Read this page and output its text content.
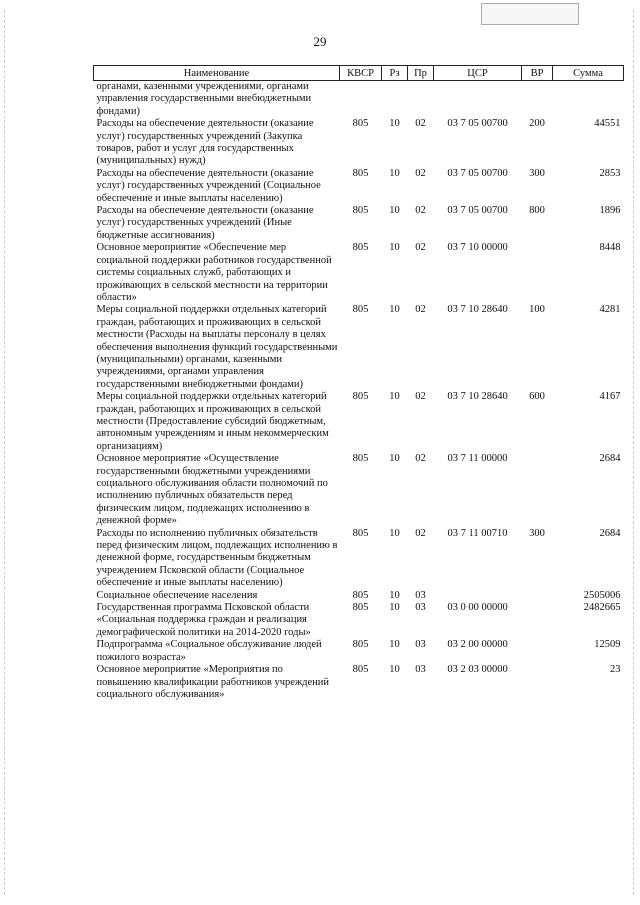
29
Наименование	КВСР	Рз	Пр	ЦСР	ВР	Сумма
органами, казенными учреждениями, органами управления государственными внебюджетными фондами)						
Расходы на обеспечение деятельности (оказание услуг) государственных учреждений (Закупка товаров, работ и услуг для государственных (муниципальных) нужд)	805	10	02	03 7 05 00700	200	44551
Расходы на обеспечение деятельности (оказание услуг) государственных учреждений (Социальное обеспечение и иные выплаты населению)	805	10	02	03 7 05 00700	300	2853
Расходы на обеспечение деятельности (оказание услуг) государственных учреждений (Иные бюджетные ассигнования)	805	10	02	03 7 05 00700	800	1896
Основное мероприятие «Обеспечение мер социальной поддержки работников государственной системы социальных служб, работающих и проживающих в сельской местности на территории области»	805	10	02	03 7 10 00000		8448
Меры социальной поддержки отдельных категорий граждан, работающих и проживающих в сельской местности (Расходы на выплаты персоналу в целях обеспечения выполнения функций государственными (муниципальными) органами, казенными учреждениями, органами управления государственными внебюджетными фондами)	805	10	02	03 7 10 28640	100	4281
Меры социальной поддержки отдельных категорий граждан, работающих и проживающих в сельской местности (Предоставление субсидий бюджетным, автономным учреждениям и иным некоммерческим организациям)	805	10	02	03 7 10 28640	600	4167
Основное мероприятие «Осуществление государственными бюджетными учреждениями социального обслуживания области полномочий по исполнению публичных обязательств перед физическим лицом, подлежащих исполнению в денежной форме»	805	10	02	03 7 11 00000		2684
Расходы по исполнению публичных обязательств перед физическим лицом, подлежащих исполнению в денежной форме, государственным бюджетным учреждением Псковской области (Социальное обеспечение и иные выплаты населению)	805	10	02	03 7 11 00710	300	2684
Социальное обеспечение населения	805	10	03			2505006
Государственная программа Псковской области «Социальная поддержка граждан и реализация демографической политики на 2014-2020 годы»	805	10	03	03 0 00 00000		2482665
Подпрограмма «Социальное обслуживание людей пожилого возраста»	805	10	03	03 2 00 00000		12509
Основное мероприятие «Мероприятия по повышению квалификации работников учреждений социального обслуживания»	805	10	03	03 2 03 00000		23
